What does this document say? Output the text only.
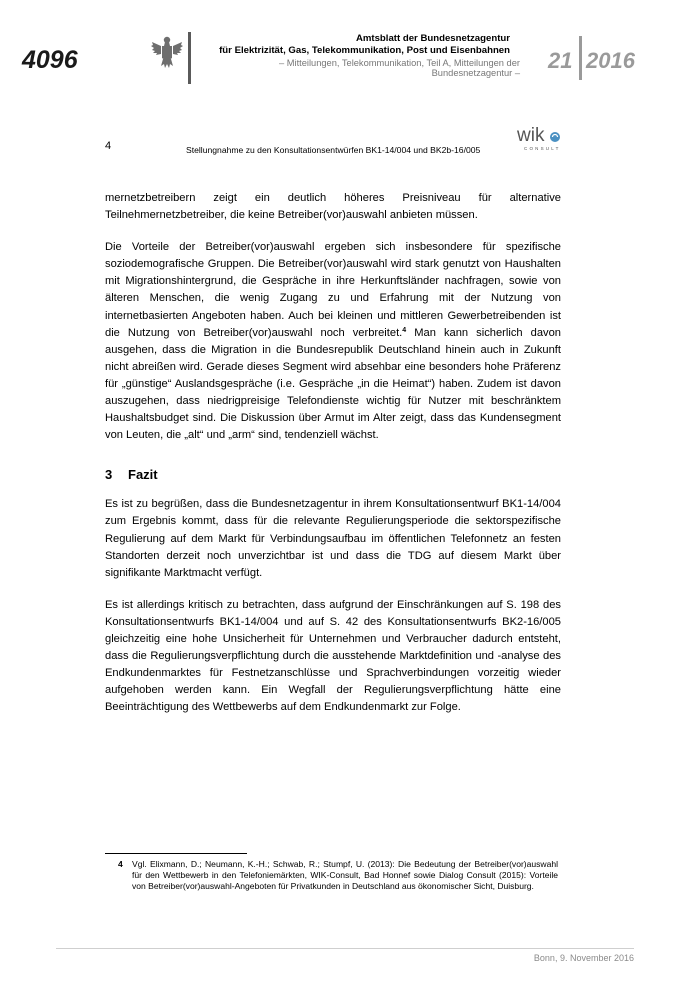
4096
Amtsblatt der Bundesnetzagentur
für Elektrizität, Gas, Telekommunikation, Post und Eisenbahnen
– Mitteilungen, Telekommunikation, Teil A, Mitteilungen der Bundesnetzagentur – 21 2016
4	Stellungnahme zu den Konsultationsentwürfen BK1-14/004 und BK2b-16/005
wik
CONSULT

mernetzbetreibern zeigt ein deutlich höheres Preisniveau für alternative Teilnehmernetzbetreiber, die keine Betreiber(vor)auswahl anbieten müssen.

Die Vorteile der Betreiber(vor)auswahl ergeben sich insbesondere für spezifische soziodemografische Gruppen. Die Betreiber(vor)auswahl wird stark genutzt von Haushalten mit Migrationshintergrund, die Gespräche in ihre Herkunftsländer nachfragen, sowie von älteren Menschen, die wenig Zugang zu und Erfahrung mit der Nutzung von internetbasierten Angeboten haben. Auch bei kleinen und mittleren Gewerbetreibenden ist die Nutzung von Betreiber(vor)auswahl noch verbreitet.$^4$ Man kann sicherlich davon ausgehen, dass die Migration in die Bundesrepublik Deutschland hinein auch in Zukunft nicht abreißen wird. Gerade dieses Segment wird absehbar eine besonders hohe Präferenz für „günstige“ Auslandsgespräche (i.e. Gespräche „in die Heimat“) haben. Zudem ist davon auszugehen, dass niedrigpreisige Telefondienste wichtig für Nutzer mit beschränktem Haushaltsbudget sind. Die Diskussion über Armut im Alter zeigt, dass das Kundensegment von Leuten, die „alt“ und „arm“ sind, tendenziell wächst.

3 Fazit

Es ist zu begrüßen, dass die Bundesnetzagentur in ihrem Konsultationsentwurf BK1-14/004 zum Ergebnis kommt, dass für die relevante Regulierungsperiode die sektorspezifische Regulierung auf dem Markt für Verbindungsaufbau im öffentlichen Telefonnetz an festen Standorten derzeit noch unverzichtbar ist und dass die TDG auf diesem Markt über signifikante Marktmacht verfügt.

Es ist allerdings kritisch zu betrachten, dass aufgrund der Einschränkungen auf S. 198 des Konsultationsentwurfs BK1-14/004 und auf S. 42 des Konsultationsentwurfs BK2-16/005 gleichzeitig eine hohe Unsicherheit für Unternehmen und Verbraucher dadurch entsteht, dass die Regulierungsverpflichtung durch die ausstehende Marktdefinition und -analyse des Endkundenmarktes für Festnetzanschlüsse und Sprachverbindungen vorzeitig wieder aufgehoben werden kann. Ein Wegfall der Regulierungsverpflichtung hätte eine Beeinträchtigung des Wettbewerbs auf dem Endkundenmarkt zur Folge.

4 Vgl. Elixmann, D.; Neumann, K.-H.; Schwab, R.; Stumpf, U. (2013): Die Bedeutung der Betreiber(vor)auswahl für den Wettbewerb in den Telefoniemärkten, WIK-Consult, Bad Honnef sowie Dialog Consult (2015): Vorteile von Betreiber(vor)auswahl-Angeboten für Privatkunden in Deutschland aus ökonomischer Sicht, Duisburg.
Bonn, 9. November 2016
